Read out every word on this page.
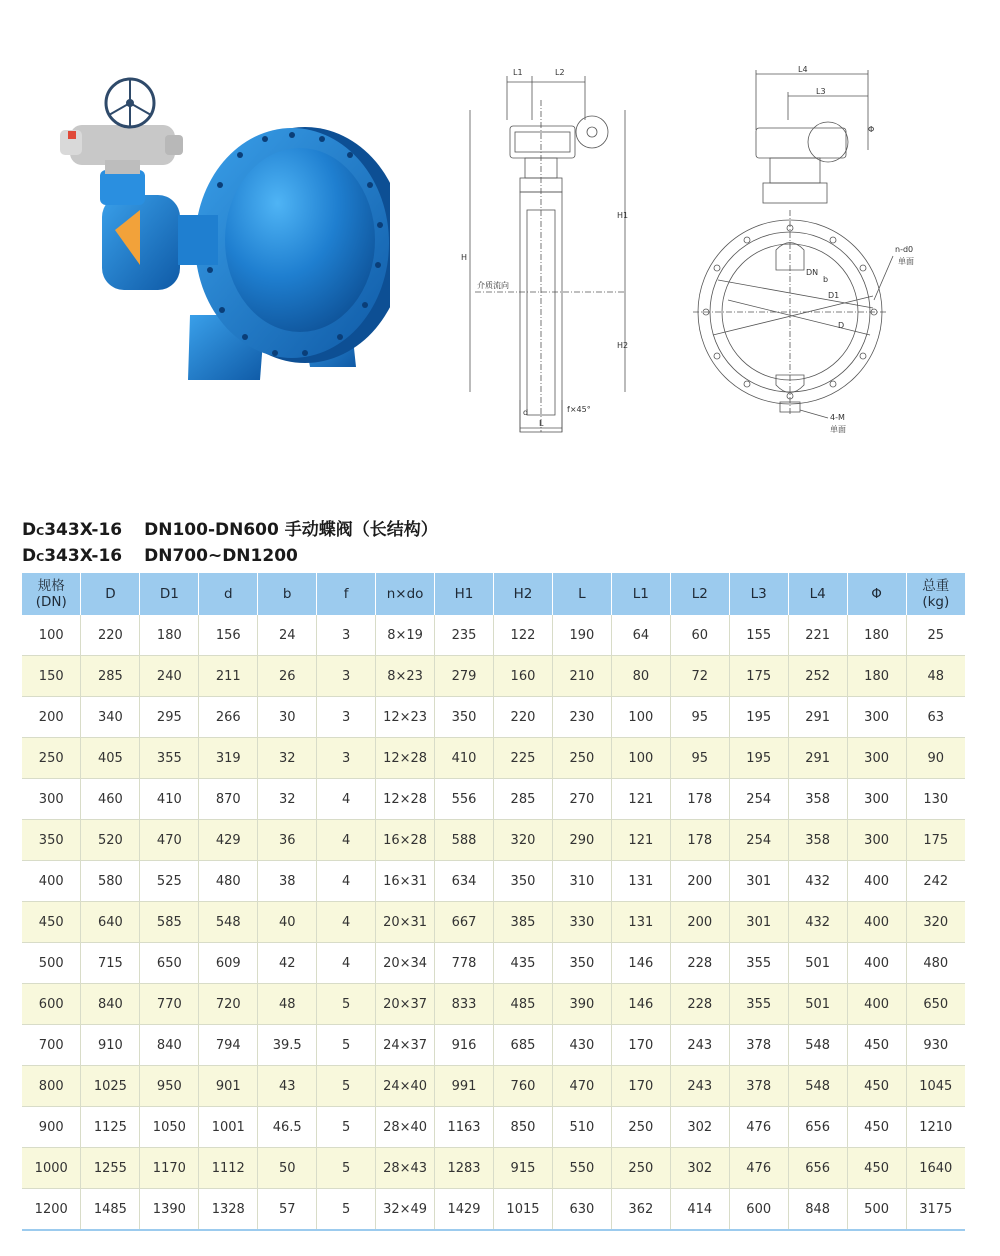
L1	L2
H
H1
H2
介质流向
d
L
f×45°
L4
L3
Φ
DN
b
D1
D
n-d0
单面
4-M
单面
DC343X-16 DN100-DN600 手动蝶阀（长结构）
DC343X-16 DN700~DN1200
规格
(DN)	D	D1	d	b	f	n×do	H1	H2	L	L1	L2	L3	L4	Φ	总重
(kg)
100	220	180	156	24	3	8×19	235	122	190	64	60	155	221	180	25
150	285	240	211	26	3	8×23	279	160	210	80	72	175	252	180	48
200	340	295	266	30	3	12×23	350	220	230	100	95	195	291	300	63
250	405	355	319	32	3	12×28	410	225	250	100	95	195	291	300	90
300	460	410	870	32	4	12×28	556	285	270	121	178	254	358	300	130
350	520	470	429	36	4	16×28	588	320	290	121	178	254	358	300	175
400	580	525	480	38	4	16×31	634	350	310	131	200	301	432	400	242
450	640	585	548	40	4	20×31	667	385	330	131	200	301	432	400	320
500	715	650	609	42	4	20×34	778	435	350	146	228	355	501	400	480
600	840	770	720	48	5	20×37	833	485	390	146	228	355	501	400	650
700	910	840	794	39.5	5	24×37	916	685	430	170	243	378	548	450	930
800	1025	950	901	43	5	24×40	991	760	470	170	243	378	548	450	1045
900	1125	1050	1001	46.5	5	28×40	1163	850	510	250	302	476	656	450	1210
1000	1255	1170	1112	50	5	28×43	1283	915	550	250	302	476	656	450	1640
1200	1485	1390	1328	57	5	32×49	1429	1015	630	362	414	600	848	500	3175
